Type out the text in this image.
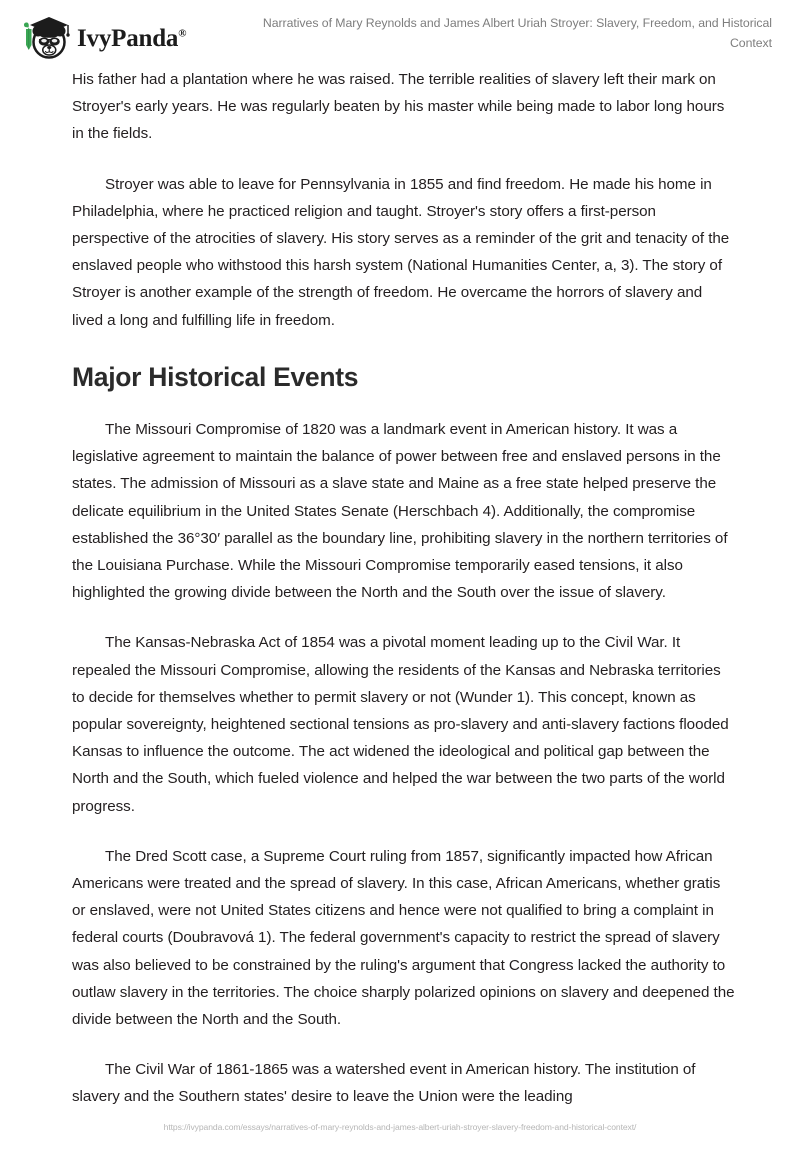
IvyPanda®
Narratives of Mary Reynolds and James Albert Uriah Stroyer: Slavery, Freedom, and Historical Context

His father had a plantation where he was raised. The terrible realities of slavery left their mark on Stroyer's early years. He was regularly beaten by his master while being made to labor long hours in the fields.

Stroyer was able to leave for Pennsylvania in 1855 and find freedom. He made his home in Philadelphia, where he practiced religion and taught. Stroyer's story offers a first-person perspective of the atrocities of slavery. His story serves as a reminder of the grit and tenacity of the enslaved people who withstood this harsh system (National Humanities Center, a, 3). The story of Stroyer is another example of the strength of freedom. He overcame the horrors of slavery and lived a long and fulfilling life in freedom.

Major Historical Events

The Missouri Compromise of 1820 was a landmark event in American history. It was a legislative agreement to maintain the balance of power between free and enslaved persons in the states. The admission of Missouri as a slave state and Maine as a free state helped preserve the delicate equilibrium in the United States Senate (Herschbach 4). Additionally, the compromise established the 36°30′ parallel as the boundary line, prohibiting slavery in the northern territories of the Louisiana Purchase. While the Missouri Compromise temporarily eased tensions, it also highlighted the growing divide between the North and the South over the issue of slavery.

The Kansas-Nebraska Act of 1854 was a pivotal moment leading up to the Civil War. It repealed the Missouri Compromise, allowing the residents of the Kansas and Nebraska territories to decide for themselves whether to permit slavery or not (Wunder 1). This concept, known as popular sovereignty, heightened sectional tensions as pro-slavery and anti-slavery factions flooded Kansas to influence the outcome. The act widened the ideological and political gap between the North and the South, which fueled violence and helped the war between the two parts of the world progress.

The Dred Scott case, a Supreme Court ruling from 1857, significantly impacted how African Americans were treated and the spread of slavery. In this case, African Americans, whether gratis or enslaved, were not United States citizens and hence were not qualified to bring a complaint in federal courts (Doubravová 1). The federal government's capacity to restrict the spread of slavery was also believed to be constrained by the ruling's argument that Congress lacked the authority to outlaw slavery in the territories. The choice sharply polarized opinions on slavery and deepened the divide between the North and the South.

The Civil War of 1861-1865 was a watershed event in American history. The institution of slavery and the Southern states' desire to leave the Union were the leading

https://ivypanda.com/essays/narratives-of-mary-reynolds-and-james-albert-uriah-stroyer-slavery-freedom-and-historical-context/
